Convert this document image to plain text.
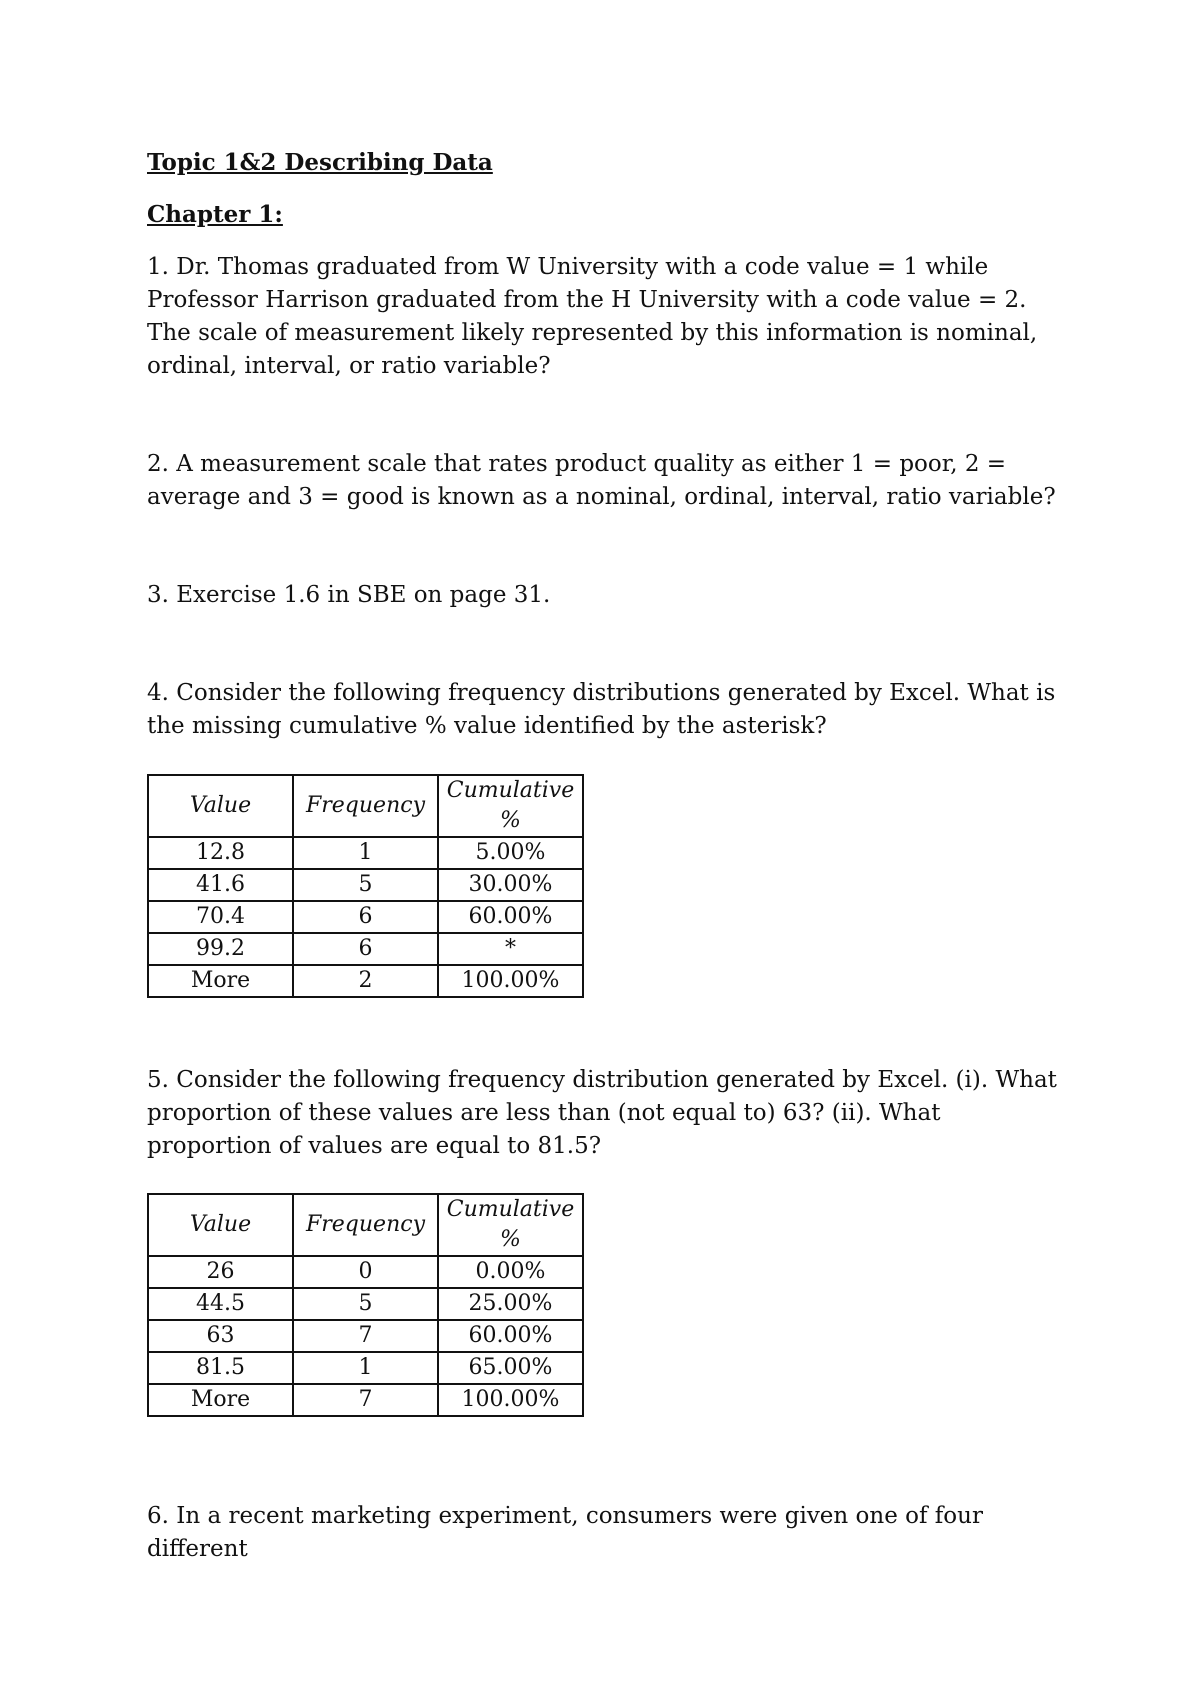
Topic 1&2 Describing Data
Chapter 1:

1. Dr. Thomas graduated from W University with a code value = 1 while Professor Harrison graduated from the H University with a code value = 2. The scale of measurement likely represented by this information is nominal, ordinal, interval, or ratio variable?

2. A measurement scale that rates product quality as either 1 = poor, 2 = average and 3 = good is known as a nominal, ordinal, interval, ratio variable?

3. Exercise 1.6 in SBE on page 31.

4. Consider the following frequency distributions generated by Excel. What is the missing cumulative % value identified by the asterisk?

Value	Frequency	Cumulative %
12.8	1	5.00%
41.6	5	30.00%
70.4	6	60.00%
99.2	6	*
More	2	100.00%

5. Consider the following frequency distribution generated by Excel. (i). What proportion of these values are less than (not equal to) 63? (ii). What proportion of values are equal to 81.5?

Value	Frequency	Cumulative %
26	0	0.00%
44.5	5	25.00%
63	7	60.00%
81.5	1	65.00%
More	7	100.00%

6. In a recent marketing experiment, consumers were given one of four different
